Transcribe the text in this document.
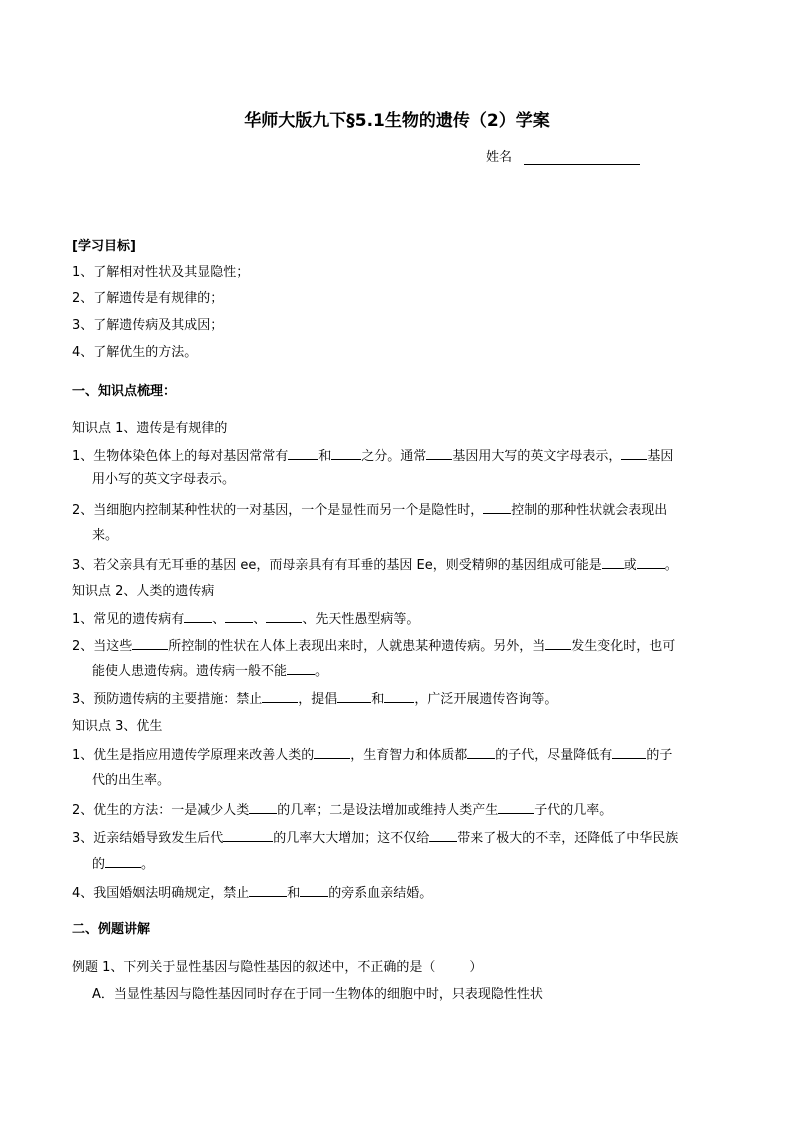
华师大版九下§5.1生物的遗传（2）学案
姓名
[学习目标]
1、了解相对性状及其显隐性；
2、了解遗传是有规律的；
3、了解遗传病及其成因；
4、了解优生的方法。
一、知识点梳理：
知识点 1、遗传是有规律的
1、生物体染色体上的每对基因常常有 和 之分。通常 基因用大写的英文字母表示， 基因
用小写的英文字母表示。
2、当细胞内控制某种性状的一对基因，一个是显性而另一个是隐性时， 控制的那种性状就会表现出
来。
3、若父亲具有无耳垂的基因 ee，而母亲具有有耳垂的基因 Ee，则受精卵的基因组成可能是 或 。
知识点 2、人类的遗传病
1、常见的遗传病有 、 、	、先天性愚型病等。
2、当这些	所控制的性状在人体上表现出来时，人就患某种遗传病。另外，当 发生变化时，也可
能使人患遗传病。遗传病一般不能 。
3、预防遗传病的主要措施：禁止	，提倡	和 ，广泛开展遗传咨询等。
知识点 3、优生
1、优生是指应用遗传学原理来改善人类的	，生育智力和体质都 的子代，尽量降低有	的子
代的出生率。
2、优生的方法：一是减少人类 的几率；二是设法增加或维持人类产生	子代的几率。
3、近亲结婚导致发生后代	的几率大大增加；这不仅给 带来了极大的不幸，还降低了中华民族
的	。
4、我国婚姻法明确规定，禁止	和 的旁系血亲结婚。
二、例题讲解
例题 1、下列关于显性基因与隐性基因的叙述中，不正确的是（	）
A．当显性基因与隐性基因同时存在于同一生物体的细胞中时，只表现隐性性状
